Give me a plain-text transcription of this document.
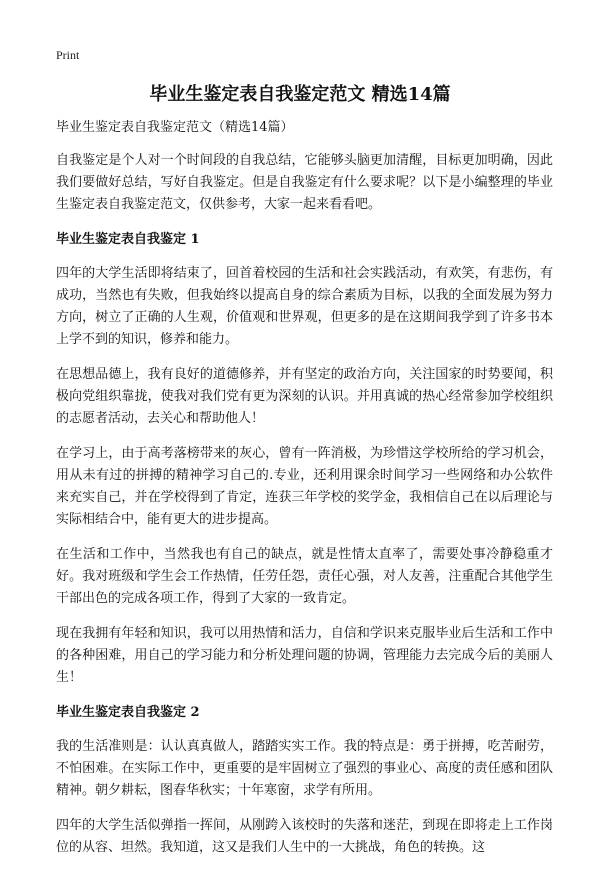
Print
毕业生鉴定表自我鉴定范文 精选14篇

毕业生鉴定表自我鉴定范文（精选14篇）

自我鉴定是个人对一个时间段的自我总结，它能够头脑更加清醒，目标更加明确，因此我们要做好总结，写好自我鉴定。但是自我鉴定有什么要求呢？以下是小编整理的毕业生鉴定表自我鉴定范文，仅供参考，大家一起来看看吧。

毕业生鉴定表自我鉴定 1

四年的大学生活即将结束了，回首着校园的生活和社会实践活动，有欢笑，有悲伤，有成功，当然也有失败，但我始终以提高自身的综合素质为目标，以我的全面发展为努力方向，树立了正确的人生观，价值观和世界观，但更多的是在这期间我学到了许多书本上学不到的知识，修养和能力。

在思想品德上，我有良好的道德修养，并有坚定的政治方向，关注国家的时势要闻，积极向党组织靠拢，使我对我们党有更为深刻的认识。并用真诚的热心经常参加学校组织的志愿者活动，去关心和帮助他人！

在学习上，由于高考落榜带来的灰心，曾有一阵消极，为珍惜这学校所给的学习机会，用从未有过的拼搏的精神学习自己的.专业，还利用课余时间学习一些网络和办公软件来充实自己，并在学校得到了肯定，连获三年学校的奖学金，我相信自己在以后理论与实际相结合中，能有更大的进步提高。

在生活和工作中，当然我也有自己的缺点，就是性情太直率了，需要处事冷静稳重才好。我对班级和学生会工作热情，任劳任怨，责任心强，对人友善，注重配合其他学生干部出色的完成各项工作，得到了大家的一致肯定。

现在我拥有年轻和知识，我可以用热情和活力，自信和学识来克服毕业后生活和工作中的各种困难，用自己的学习能力和分析处理问题的协调，管理能力去完成今后的美丽人生！

毕业生鉴定表自我鉴定 2

我的生活准则是：认认真真做人，踏踏实实工作。我的特点是：勇于拼搏，吃苦耐劳，不怕困难。在实际工作中，更重要的是牢固树立了强烈的事业心、高度的责任感和团队精神。朝夕耕耘，图春华秋实；十年寒窗，求学有所用。

四年的大学生活似弹指一挥间，从刚跨入该校时的失落和迷茫，到现在即将走上工作岗位的从容、坦然。我知道，这又是我们人生中的一大挑战，角色的转换。这
